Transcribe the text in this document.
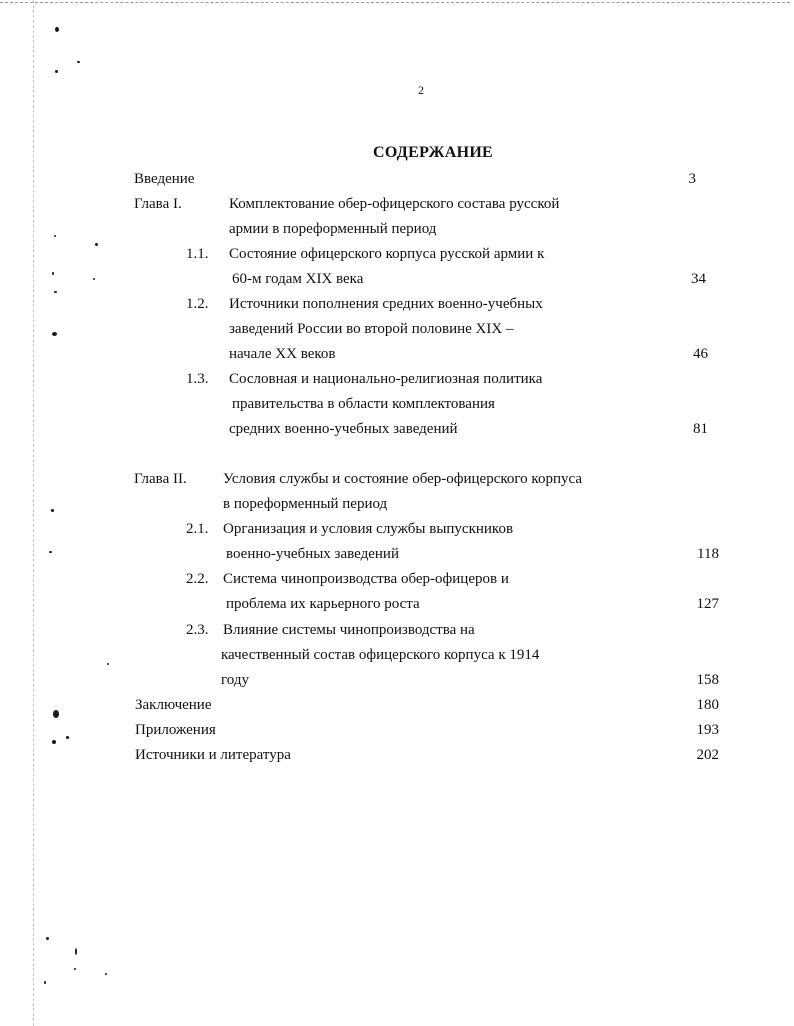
2
СОДЕРЖАНИЕ
Введение	3
Глава I.	Комплектование обер-офицерского состава русской
армии в пореформенный период
1.1. Состояние офицерского корпуса русской армии к
60-м годам XIX века	34
1.2. Источники пополнения средних военно-учебных
заведений России во второй половине XIX –
начале XX веков	46
1.3. Сословная и национально-религиозная политика
правительства в области комплектования
средних военно-учебных заведений	81
Глава II. Условия службы и состояние обер-офицерского корпуса
в пореформенный период
2.1. Организация и условия службы выпускников
военно-учебных заведений	118
2.2. Система чинопроизводства обер-офицеров и
проблема их карьерного роста	127
2.3. Влияние системы чинопроизводства на
качественный состав офицерского корпуса к 1914
году	158
Заключение	180
Приложения	193
Источники и литература	202
